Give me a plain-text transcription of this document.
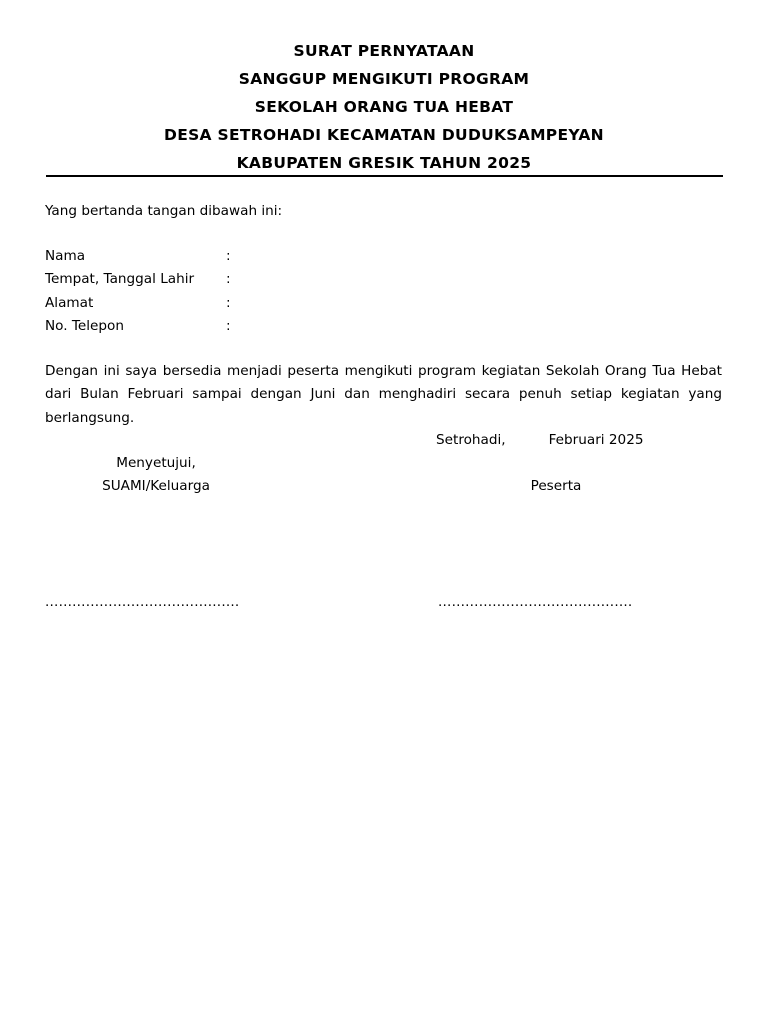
SURAT PERNYATAAN
SANGGUP MENGIKUTI PROGRAM
SEKOLAH ORANG TUA HEBAT
DESA SETROHADI KECAMATAN DUDUKSAMPEYAN
KABUPATEN GRESIK TAHUN 2025
Yang bertanda tangan dibawah ini:
Nama	:
Tempat, Tanggal Lahir	:
Alamat	:
No. Telepon	:
Dengan ini saya bersedia menjadi peserta mengikuti program kegiatan Sekolah Orang Tua Hebat dari Bulan Februari sampai dengan Juni dan menghadiri secara penuh setiap kegiatan yang berlangsung.
Setrohadi,	Februari 2025
Menyetujui,
SUAMI/Keluarga	Peserta
...........................................	...........................................
